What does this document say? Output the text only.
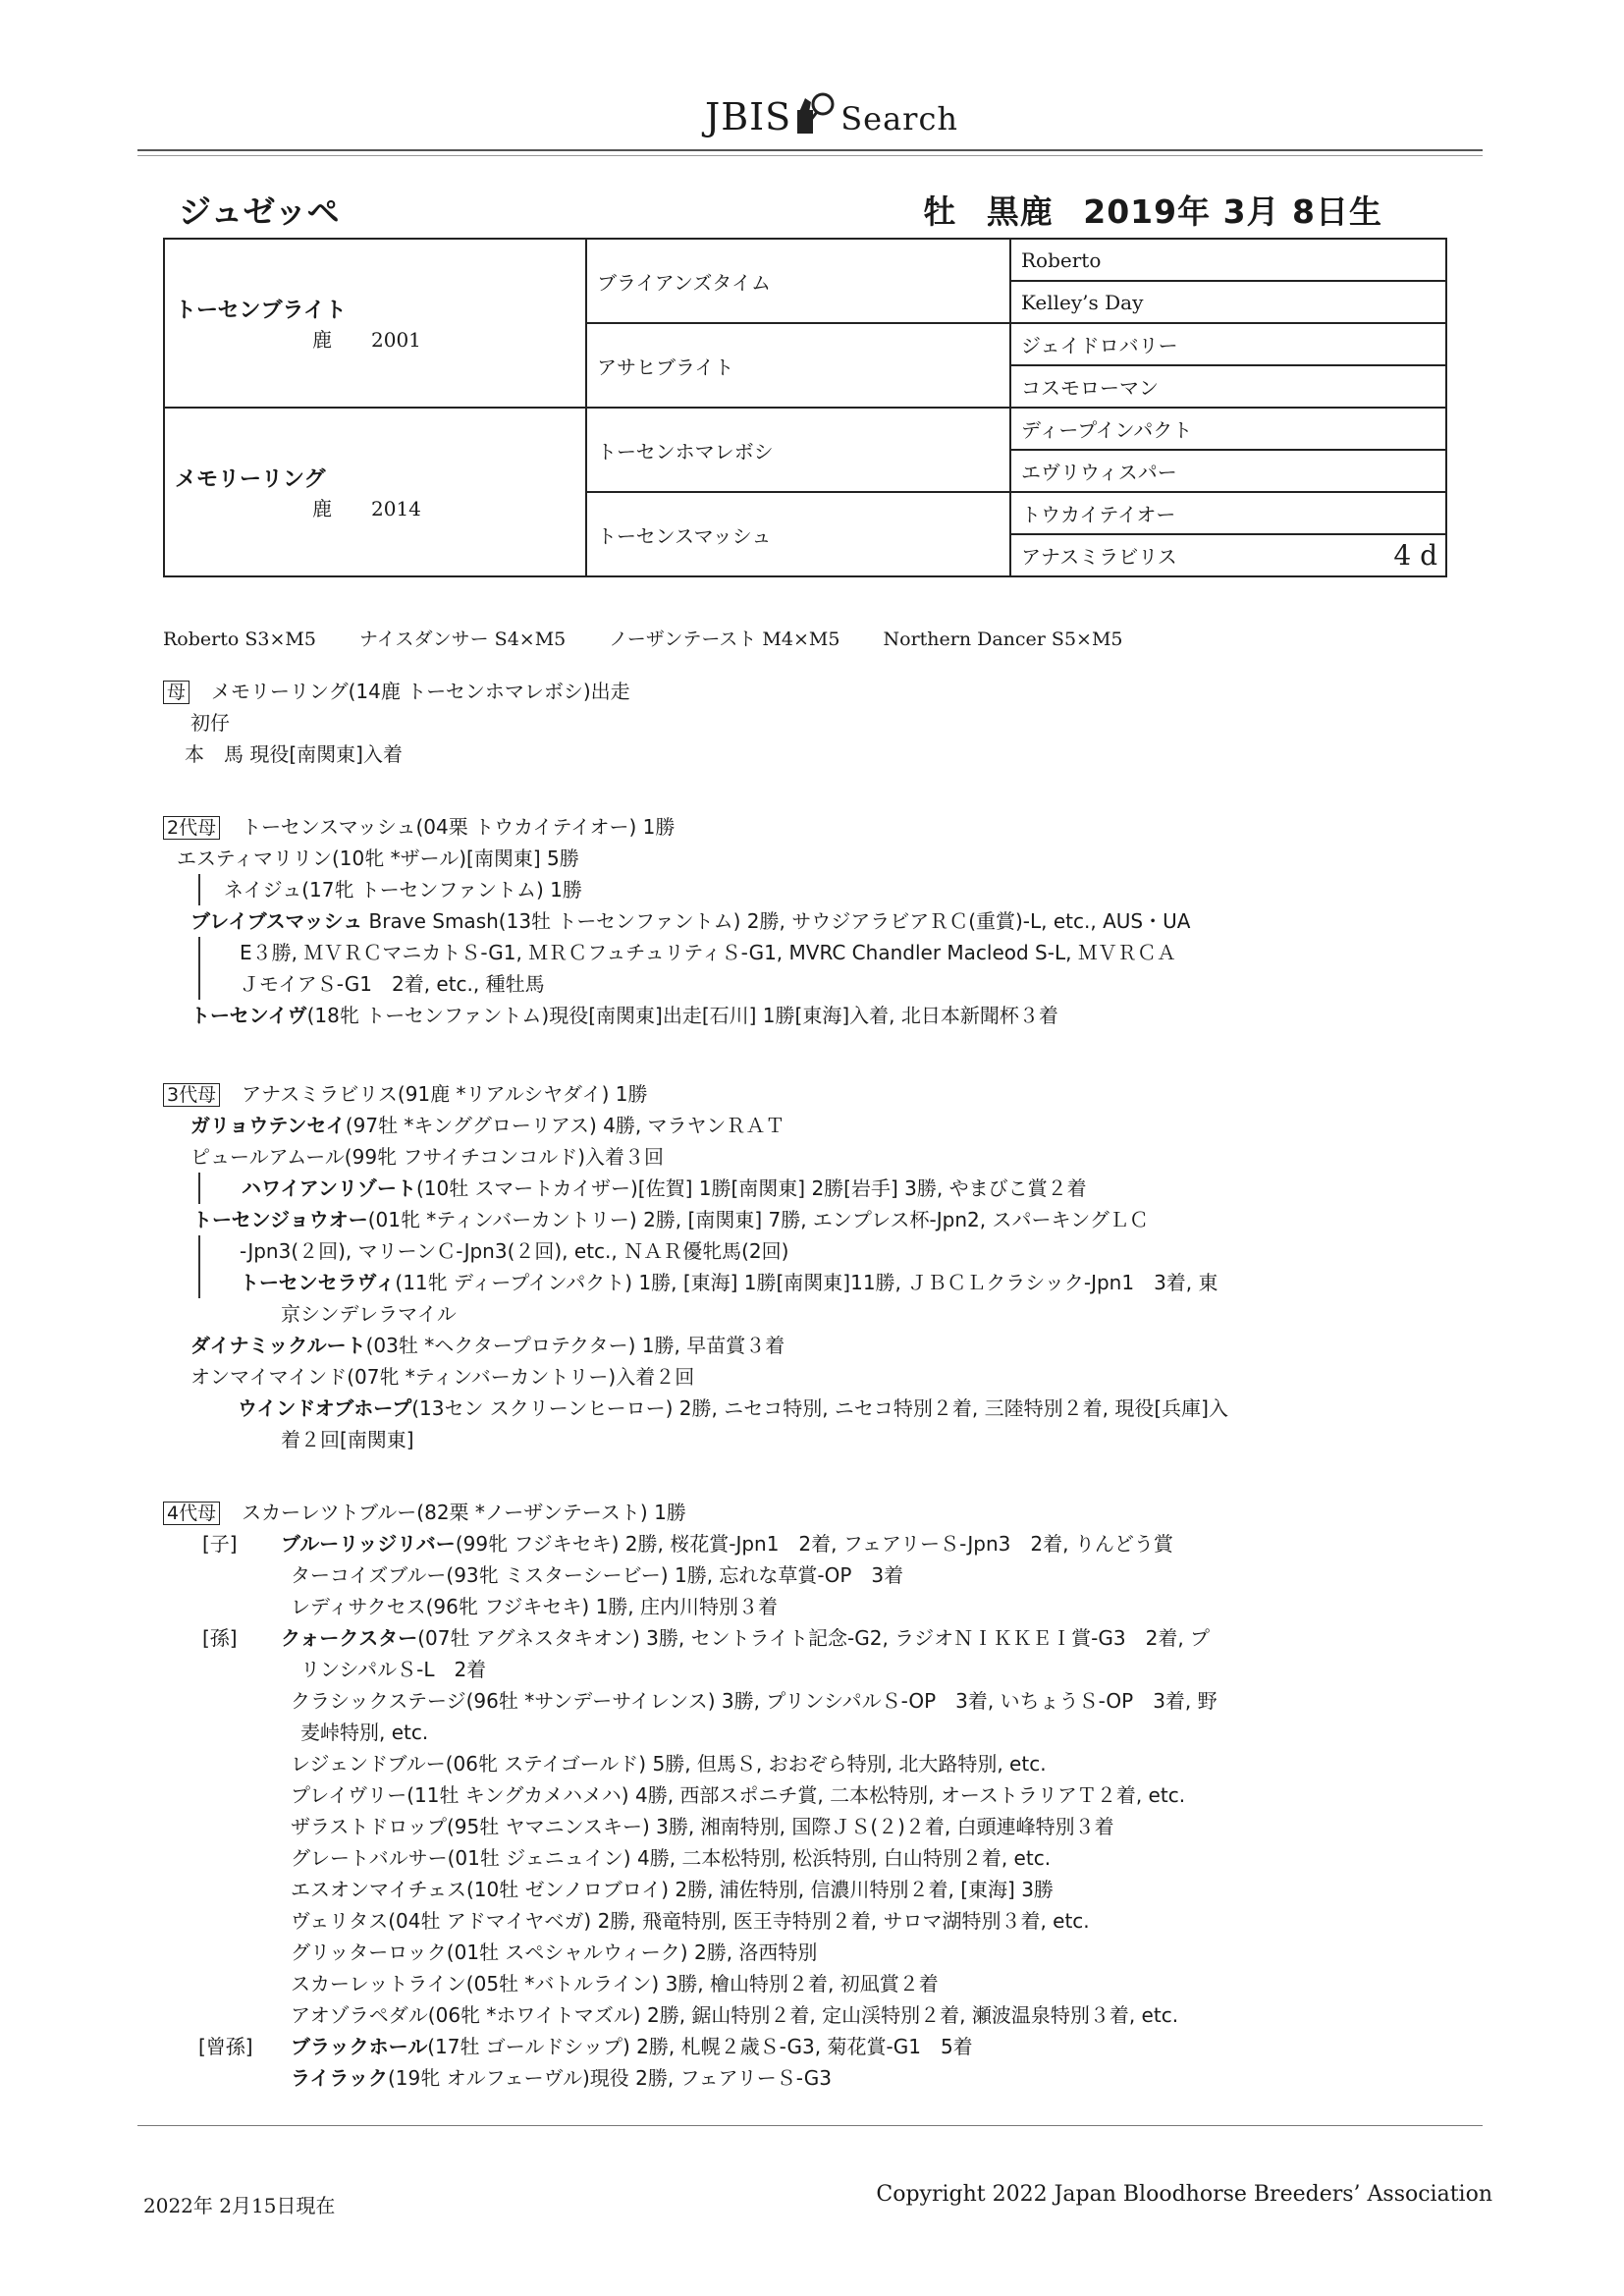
JBIS Search
ジュゼッペ	牡 黒鹿 2019年 3月 8日生
トーセンブライト
鹿　　2001	ブライアンズタイム	Roberto
		Kelley’s Day
	アサヒブライト	ジェイドロバリー
		コスモローマン

メモリーリング
鹿　　2014	トーセンホマレボシ	ディープインパクト
		エヴリウィスパー
	トーセンスマッシュ	トウカイテイオー
		アナスミラビリス 4 d
Roberto S3×M5 ナイスダンサー S4×M5 ノーザンテースト M4×M5 Northern Dancer S5×M5
母 メモリーリング(14鹿 トーセンホマレボシ)出走
初仔
本　馬 現役[南関東]入着
2代母 トーセンスマッシュ(04栗 トウカイテイオー) 1勝
エスティマリリン(10牝 *ザール)[南関東] 5勝
ネイジュ(17牝 トーセンファントム) 1勝
ブレイブスマッシュ Brave Smash(13牡 トーセンファントム) 2勝, サウジアラビアＲＣ(重賞)-L, etc., AUS・UA
E３勝, ＭＶＲＣマニカトＳ-G1, ＭＲＣフュチュリティＳ-G1, MVRC Chandler Macleod S-L, ＭＶＲＣＡ
ＪモイアＳ-G1　2着, etc., 種牡馬
トーセンイヴ(18牝 トーセンファントム)現役[南関東]出走[石川] 1勝[東海]入着, 北日本新聞杯３着
3代母 アナスミラビリス(91鹿 *リアルシヤダイ) 1勝
ガリョウテンセイ(97牡 *キンググローリアス) 4勝, マラヤンＲＡＴ
ピュールアムール(99牝 フサイチコンコルド)入着３回
ハワイアンリゾート(10牡 スマートカイザー)[佐賀] 1勝[南関東] 2勝[岩手] 3勝, やまびこ賞２着
トーセンジョウオー(01牝 *ティンバーカントリー) 2勝, [南関東] 7勝, エンプレス杯-Jpn2, スパーキングＬＣ
-Jpn3(２回), マリーンＣ-Jpn3(２回), etc., ＮＡＲ優牝馬(2回)
トーセンセラヴィ(11牝 ディープインパクト) 1勝, [東海] 1勝[南関東]11勝, ＪＢＣＬクラシック-Jpn1　3着, 東
京シンデレラマイル
ダイナミックルート(03牡 *ヘクタープロテクター) 1勝, 早苗賞３着
オンマイマインド(07牝 *ティンバーカントリー)入着２回
ウインドオブホープ(13セン スクリーンヒーロー) 2勝, ニセコ特別, ニセコ特別２着, 三陸特別２着, 現役[兵庫]入
着２回[南関東]
4代母 スカーレツトブルー(82栗 *ノーザンテースト) 1勝
[子] ブルーリッジリバー(99牝 フジキセキ) 2勝, 桜花賞-Jpn1　2着, フェアリーＳ-Jpn3　2着, りんどう賞
ターコイズブルー(93牝 ミスターシービー) 1勝, 忘れな草賞-OP　3着
レディサクセス(96牝 フジキセキ) 1勝, 庄内川特別３着
[孫] クォークスター(07牡 アグネスタキオン) 3勝, セントライト記念-G2, ラジオＮＩＫＫＥＩ賞-G3　2着, プ
リンシパルＳ-L　2着
クラシックステージ(96牡 *サンデーサイレンス) 3勝, プリンシパルＳ-OP　3着, いちょうＳ-OP　3着, 野
麦峠特別, etc.
レジェンドブルー(06牝 ステイゴールド) 5勝, 但馬Ｓ, おおぞら特別, 北大路特別, etc.
プレイヴリー(11牡 キングカメハメハ) 4勝, 西部スポニチ賞, 二本松特別, オーストラリアＴ２着, etc.
ザラストドロップ(95牡 ヤマニンスキー) 3勝, 湘南特別, 国際ＪＳ(２)２着, 白頭連峰特別３着
グレートバルサー(01牡 ジェニュイン) 4勝, 二本松特別, 松浜特別, 白山特別２着, etc.
エスオンマイチェス(10牡 ゼンノロブロイ) 2勝, 浦佐特別, 信濃川特別２着, [東海] 3勝
ヴェリタス(04牡 アドマイヤベガ) 2勝, 飛竜特別, 医王寺特別２着, サロマ湖特別３着, etc.
グリッターロック(01牡 スペシャルウィーク) 2勝, 洛西特別
スカーレットライン(05牡 *バトルライン) 3勝, 檜山特別２着, 初凪賞２着
アオゾラペダル(06牝 *ホワイトマズル) 2勝, 鋸山特別２着, 定山渓特別２着, 瀬波温泉特別３着, etc.
[曾孫] ブラックホール(17牡 ゴールドシップ) 2勝, 札幌２歳Ｓ-G3, 菊花賞-G1　5着
ライラック(19牝 オルフェーヴル)現役 2勝, フェアリーＳ-G3
2022年 2月15日現在	Copyright 2022 Japan Bloodhorse Breeders’ Association
